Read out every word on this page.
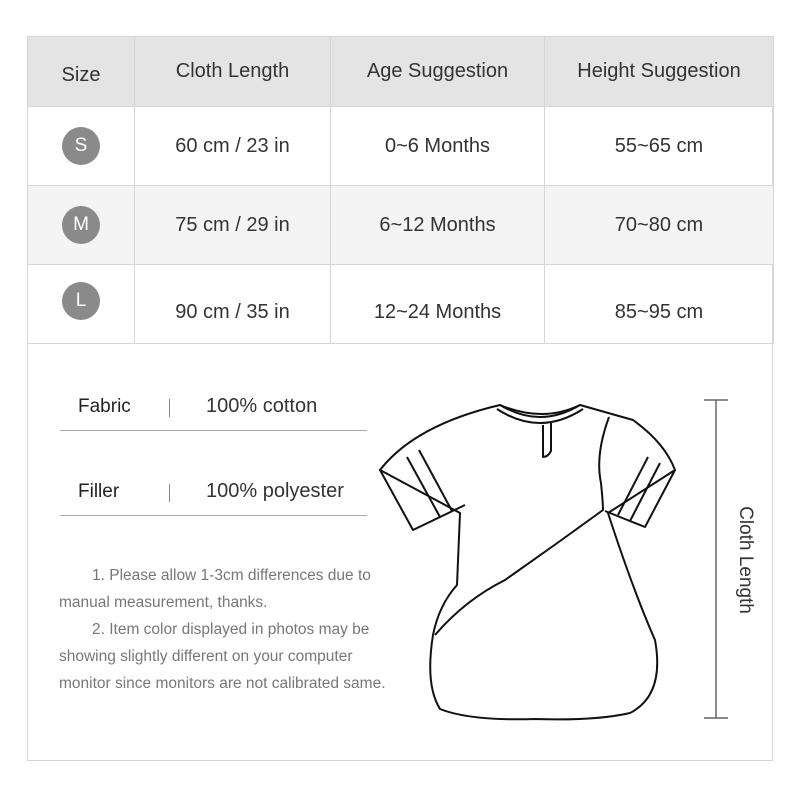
Size	Cloth Length	Age Suggestion	Height Suggestion

S	60 cm / 23 in	0~6 Months	55~65 cm

M	75 cm / 29 in	6~12 Months	70~80 cm

L	90 cm / 35 in	12~24 Months	85~95 cm
Fabric	100% cotton
Filler	100% polyester

1. Please allow 1-3cm differences due to manual measurement, thanks.

2. Item color displayed in photos may be showing slightly different on your computer monitor since monitors are not calibrated same.

Cloth Length
